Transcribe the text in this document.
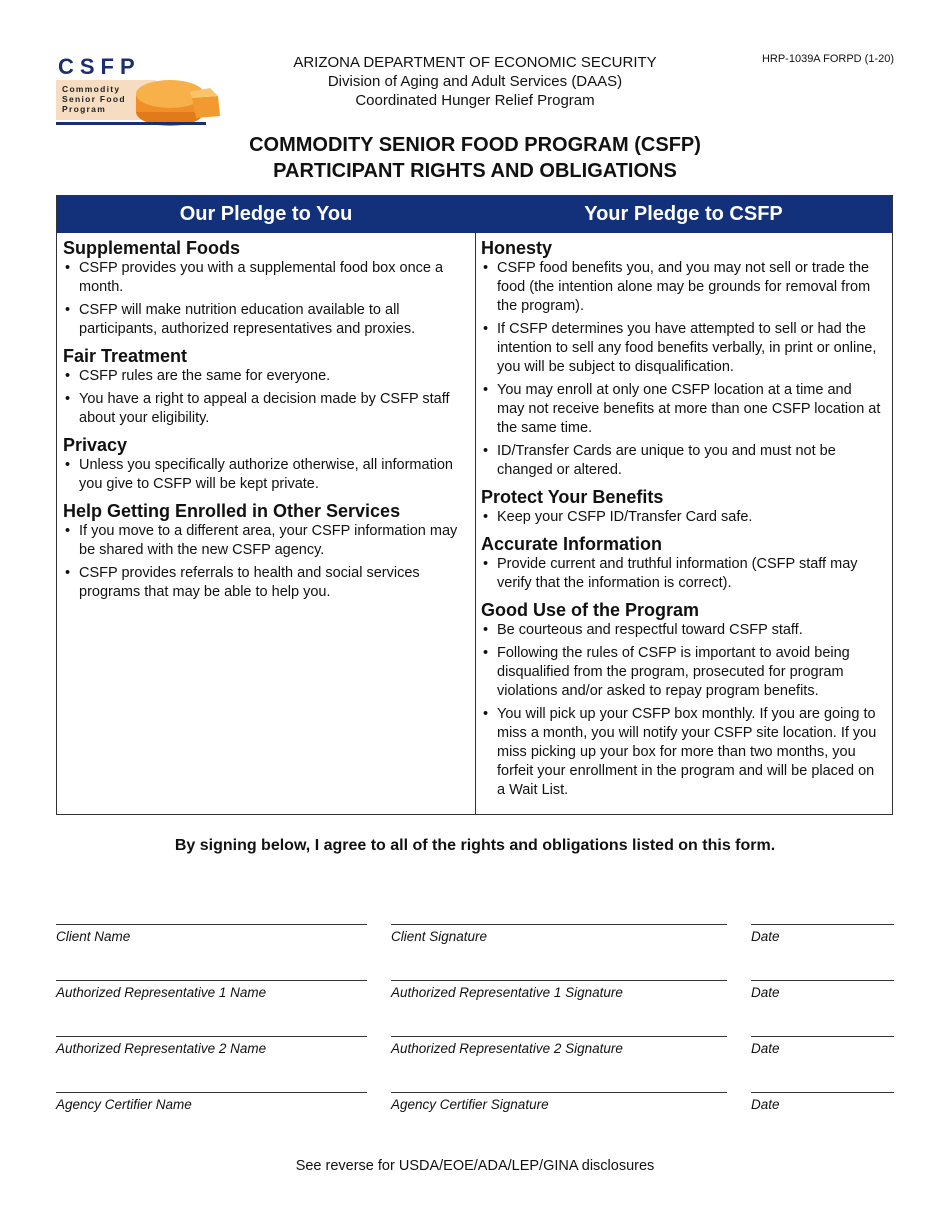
CSFP
Commodity
Senior Food
Program
ARIZONA DEPARTMENT OF ECONOMIC SECURITY
Division of Aging and Adult Services (DAAS)
Coordinated Hunger Relief Program
HRP-1039A FORPD (1-20)
COMMODITY SENIOR FOOD PROGRAM (CSFP)
PARTICIPANT RIGHTS AND OBLIGATIONS
Our Pledge to You
Supplemental Foods
• CSFP provides you with a supplemental food box once a month.
• CSFP will make nutrition education available to all participants, authorized representatives and proxies.
Fair Treatment
• CSFP rules are the same for everyone.
• You have a right to appeal a decision made by CSFP staff about your eligibility.
Privacy
• Unless you specifically authorize otherwise, all information you give to CSFP will be kept private.
Help Getting Enrolled in Other Services
• If you move to a different area, your CSFP information may be shared with the new CSFP agency.
• CSFP provides referrals to health and social services programs that may be able to help you.
Your Pledge to CSFP
Honesty
• CSFP food benefits you, and you may not sell or trade the food (the intention alone may be grounds for removal from the program).
• If CSFP determines you have attempted to sell or had the intention to sell any food benefits verbally, in print or online, you will be subject to disqualification.
• You may enroll at only one CSFP location at a time and may not receive benefits at more than one CSFP location at the same time.
• ID/Transfer Cards are unique to you and must not be changed or altered.
Protect Your Benefits
• Keep your CSFP ID/Transfer Card safe.
Accurate Information
• Provide current and truthful information (CSFP staff may verify that the information is correct).
Good Use of the Program
• Be courteous and respectful toward CSFP staff.
• Following the rules of CSFP is important to avoid being disqualified from the program, prosecuted for program violations and/or asked to repay program benefits.
• You will pick up your CSFP box monthly. If you are going to miss a month, you will notify your CSFP site location. If you miss picking up your box for more than two months, you forfeit your enrollment in the program and will be placed on a Wait List.
By signing below, I agree to all of the rights and obligations listed on this form.
Client Name	Client Signature	Date
Authorized Representative 1 Name	Authorized Representative 1 Signature	Date
Authorized Representative 2 Name	Authorized Representative 2 Signature	Date
Agency Certifier Name	Agency Certifier Signature	Date
See reverse for USDA/EOE/ADA/LEP/GINA disclosures
